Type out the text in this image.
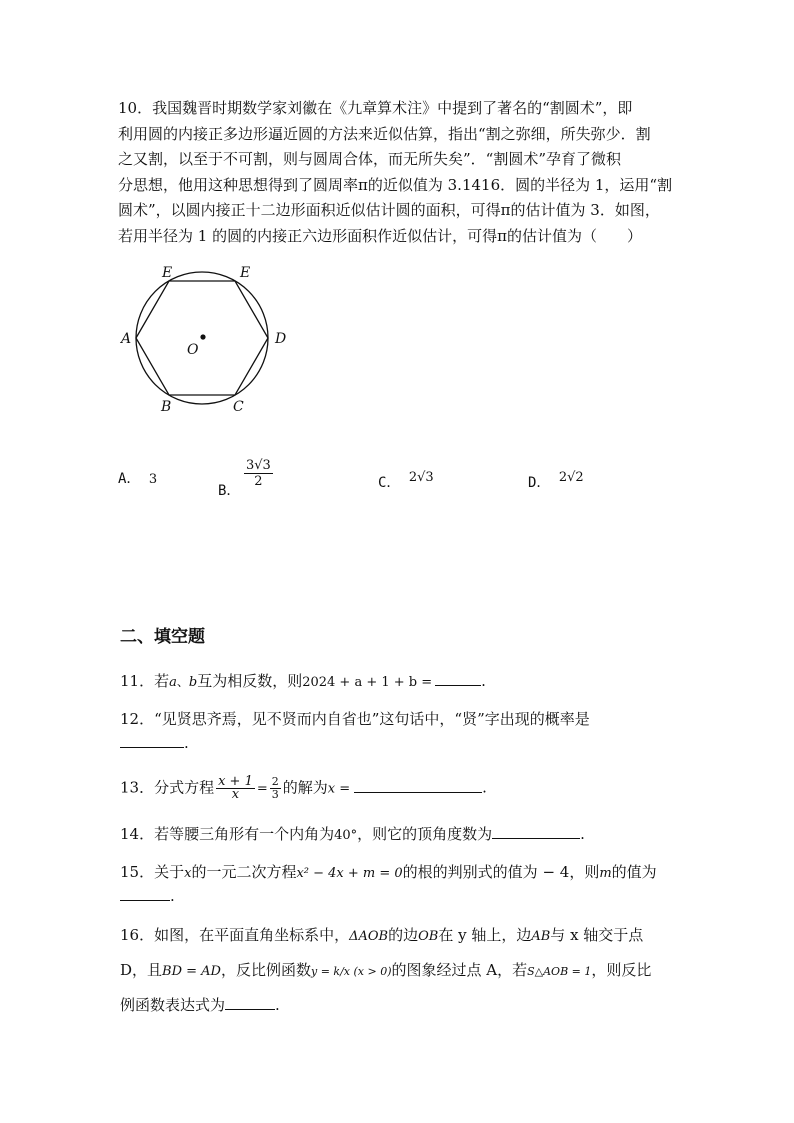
10．我国魏晋时期数学家刘徽在《九章算术注》中提到了著名的“割圆术”，即
利用圆的内接正多边形逼近圆的方法来近似估算，指出“割之弥细，所失弥少．割
之又割，以至于不可割，则与圆周合体，而无所失矣”．“割圆术”孕育了微积
分思想，他用这种思想得到了圆周率π的近似值为 3.1416．圆的半径为 1，运用“割
圆术”，以圆内接正十二边形面积近似估计圆的面积，可得π的估计值为 3．如图，
若用半径为 1 的圆的内接正六边形面积作近似估计，可得π的估计值为（　　）
E	E
A	D
O
B	C
A． 3
B．
$\frac{3√3}{2}$	C． 2√3	D． 2√2
二、填空题
11．若a、b互为相反数，则2024 + a + 1 + b =	.
12．“见贤思齐焉，见不贤而内自省也”这句话中，“贤”字出现的概率是
.
13．分式方程 $\frac{x + 1}{x} = \frac{2}{3}$ 的解为x =	.
14．若等腰三角形有一个内角为40°，则它的顶角度数为	.
15．关于x的一元二次方程x² − 4x + m = 0的根的判别式的值为 − 4，则m的值为
.
16．如图，在平面直角坐标系中，ΔAOB的边OB在 y 轴上，边AB与 x 轴交于点
D，且BD = AD，反比例函数y = k/x (x > 0)的图象经过点 A，若S△AOB = 1，则反比
例函数表达式为	.
